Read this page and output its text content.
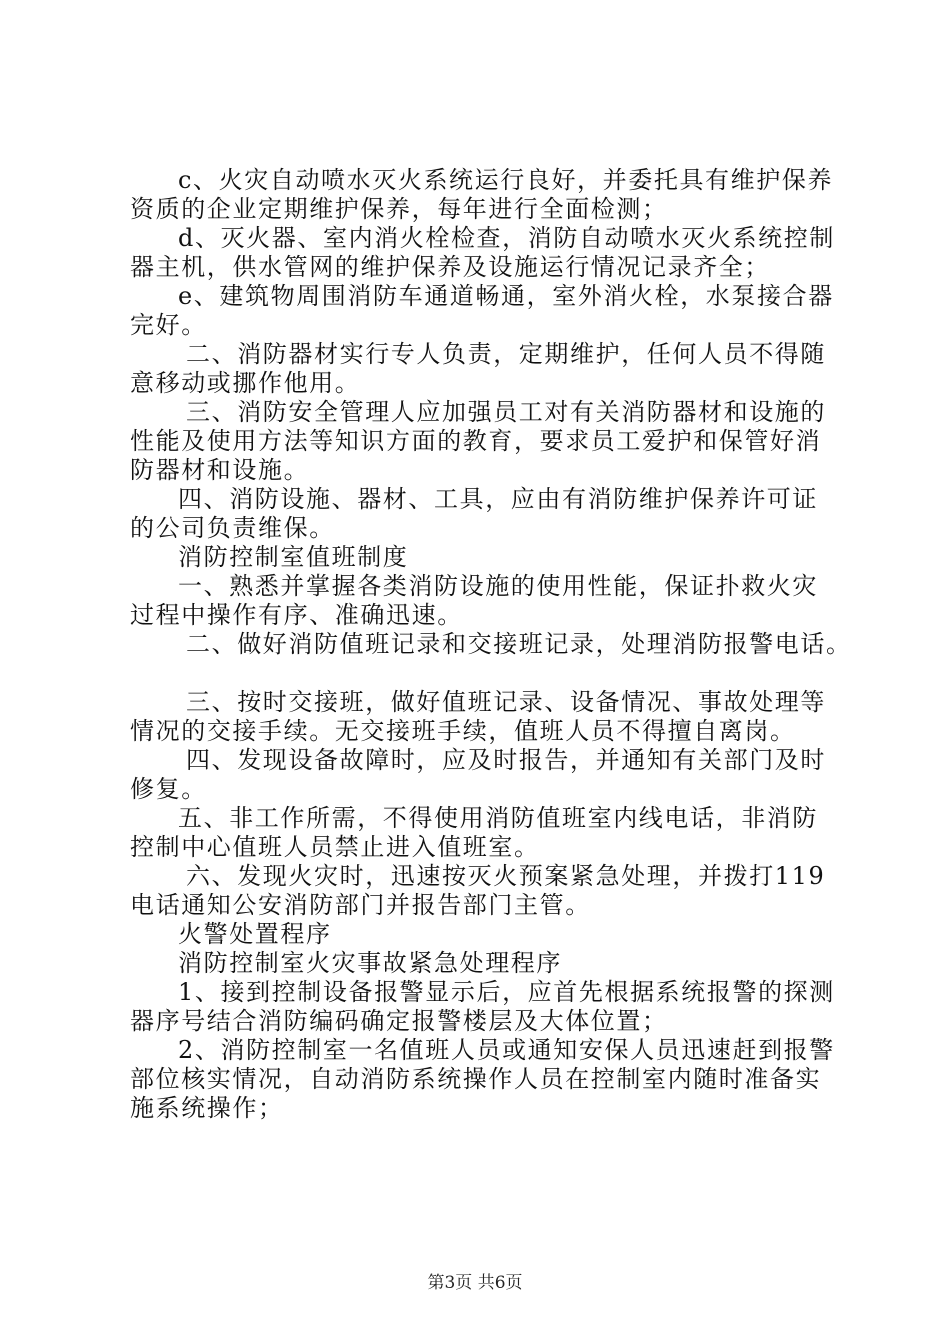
c、火灾自动喷水灭火系统运行良好，并委托具有维护保养
资质的企业定期维护保养，每年进行全面检测；
d、灭火器、室内消火栓检查，消防自动喷水灭火系统控制
器主机，供水管网的维护保养及设施运行情况记录齐全；
e、建筑物周围消防车通道畅通，室外消火栓，水泵接合器
完好。
二、消防器材实行专人负责，定期维护，任何人员不得随
意移动或挪作他用。
三、消防安全管理人应加强员工对有关消防器材和设施的
性能及使用方法等知识方面的教育，要求员工爱护和保管好消
防器材和设施。
四、消防设施、器材、工具，应由有消防维护保养许可证
的公司负责维保。
消防控制室值班制度
一、熟悉并掌握各类消防设施的使用性能，保证扑救火灾
过程中操作有序、准确迅速。
二、做好消防值班记录和交接班记录，处理消防报警电话。
三、按时交接班，做好值班记录、设备情况、事故处理等
情况的交接手续。无交接班手续，值班人员不得擅自离岗。
四、发现设备故障时，应及时报告，并通知有关部门及时
修复。
五、非工作所需，不得使用消防值班室内线电话，非消防
控制中心值班人员禁止进入值班室。
六、发现火灾时，迅速按灭火预案紧急处理，并拨打119
电话通知公安消防部门并报告部门主管。
火警处置程序
消防控制室火灾事故紧急处理程序
1、接到控制设备报警显示后，应首先根据系统报警的探测
器序号结合消防编码确定报警楼层及大体位置；
2、消防控制室一名值班人员或通知安保人员迅速赶到报警
部位核实情况，自动消防系统操作人员在控制室内随时准备实
施系统操作；
第3页 共6页
